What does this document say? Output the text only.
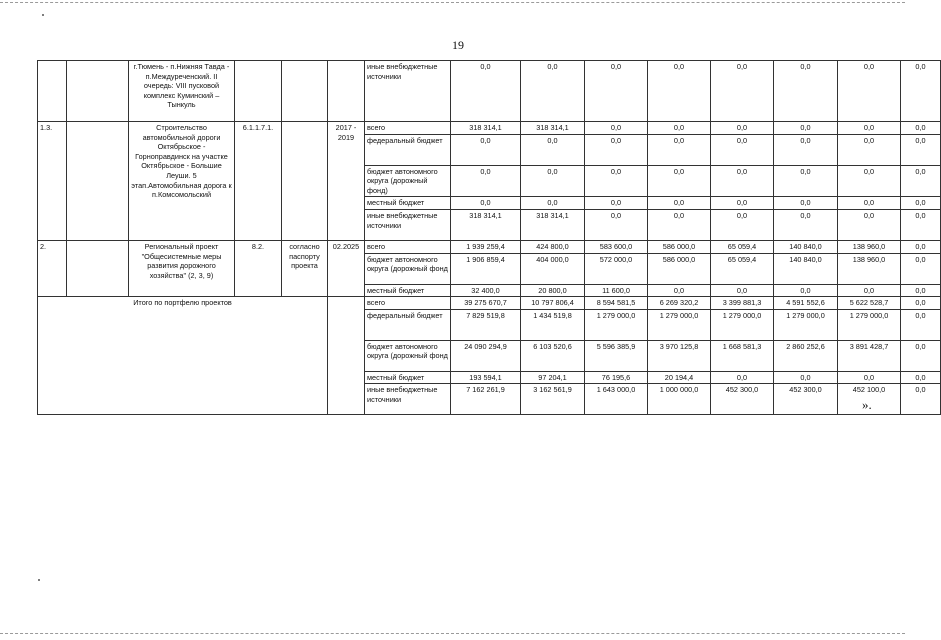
19
		г.Тюмень - п.Нижняя Тавда - п.Междуреченский. II очередь: VIII пусковой комплекс Куминский – Тынкуль				иные внебюджетные источники	0,0	0,0	0,0	0,0	0,0	0,0	0,0	0,0
1.3.		Строительство автомобильной дороги Октябрьское - Горноправдинск на участке Октябрьское - Большие Леуши. 5 этап.Автомобильная дорога к п.Комсомольский	6.1.1.7.1.		2017 - 2019	всего	318 314,1	318 314,1	0,0	0,0	0,0	0,0	0,0	0,0
						федеральный бюджет	0,0	0,0	0,0	0,0	0,0	0,0	0,0	0,0
						бюджет автономного округа (дорожный фонд)	0,0	0,0	0,0	0,0	0,0	0,0	0,0	0,0
						местный бюджет	0,0	0,0	0,0	0,0	0,0	0,0	0,0	0,0
						иные внебюджетные источники	318 314,1	318 314,1	0,0	0,0	0,0	0,0	0,0	0,0
2.		Региональный проект "Общесистемные меры развития дорожного хозяйства" (2, 3, 9)	8.2.	согласно паспорту проекта	02.2025	всего	1 939 259,4	424 800,0	583 600,0	586 000,0	65 059,4	140 840,0	138 960,0	0,0
						бюджет автономного округа (дорожный фонд	1 906 859,4	404 000,0	572 000,0	586 000,0	65 059,4	140 840,0	138 960,0	0,0
						местный бюджет	32 400,0	20 800,0	11 600,0	0,0	0,0	0,0	0,0	0,0
Итого по портфелю проектов						всего	39 275 670,7	10 797 806,4	8 594 581,5	6 269 320,2	3 399 881,3	4 591 552,6	5 622 528,7	0,0
						федеральный бюджет	7 829 519,8	1 434 519,8	1 279 000,0	1 279 000,0	1 279 000,0	1 279 000,0	1 279 000,0	0,0
						бюджет автономного округа (дорожный фонд	24 090 294,9	6 103 520,6	5 596 385,9	3 970 125,8	1 668 581,3	2 860 252,6	3 891 428,7	0,0
						местный бюджет	193 594,1	97 204,1	76 195,6	20 194,4	0,0	0,0	0,0	0,0
						иные внебюджетные источники	7 162 261,9	3 162 561,9	1 643 000,0	1 000 000,0	452 300,0	452 300,0	452 100,0	0,0
».
